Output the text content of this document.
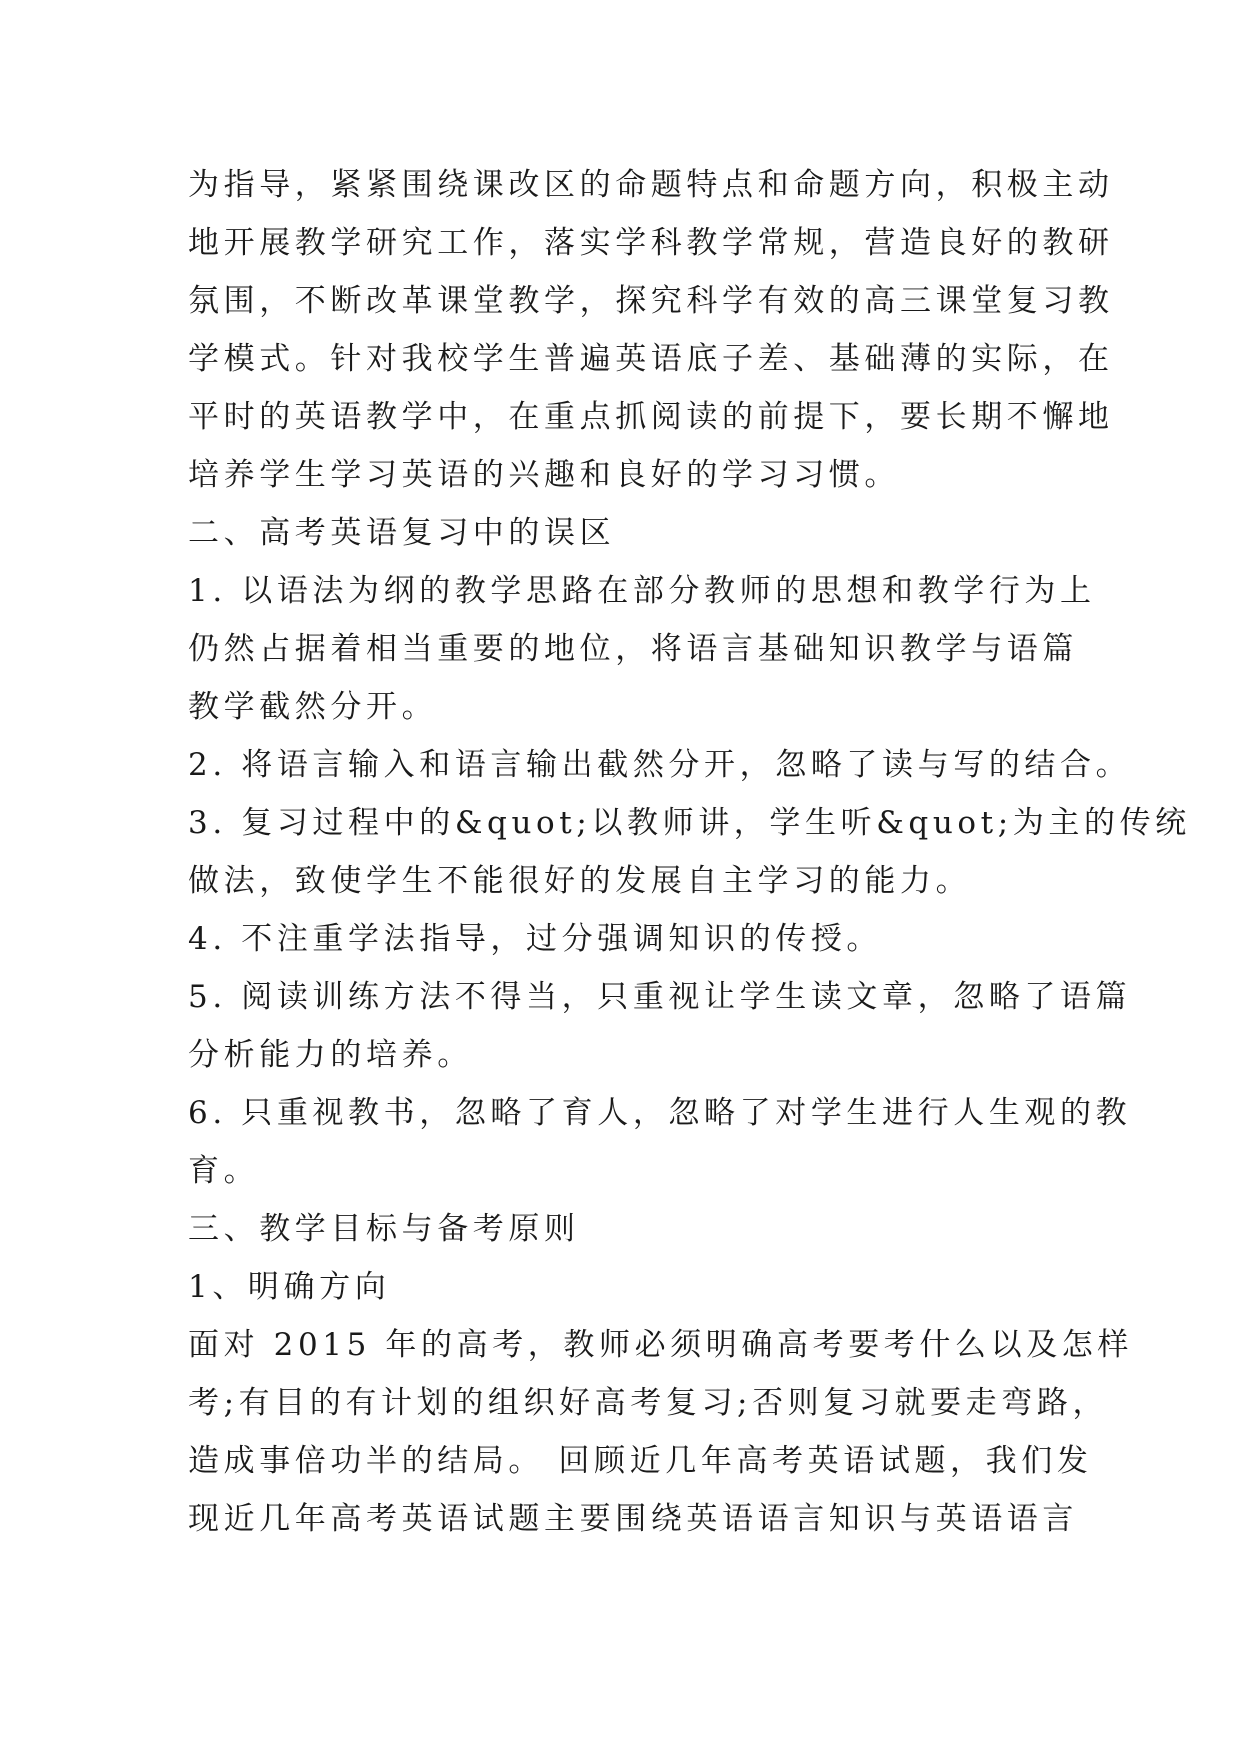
为指导，紧紧围绕课改区的命题特点和命题方向，积极主动
地开展教学研究工作，落实学科教学常规，营造良好的教研
氛围，不断改革课堂教学，探究科学有效的高三课堂复习教
学模式。针对我校学生普遍英语底子差、基础薄的实际，在
平时的英语教学中，在重点抓阅读的前提下，要长期不懈地
培养学生学习英语的兴趣和良好的学习习惯。
二、高考英语复习中的误区
1. 以语法为纲的教学思路在部分教师的思想和教学行为上
仍然占据着相当重要的地位，将语言基础知识教学与语篇
教学截然分开。
2. 将语言输入和语言输出截然分开，忽略了读与写的结合。
3. 复习过程中的&quot;以教师讲，学生听&quot;为主的传统
做法，致使学生不能很好的发展自主学习的能力。
4. 不注重学法指导，过分强调知识的传授。
5. 阅读训练方法不得当，只重视让学生读文章，忽略了语篇
分析能力的培养。
6. 只重视教书，忽略了育人，忽略了对学生进行人生观的教
育。
三、教学目标与备考原则
1、明确方向
面对 2015 年的高考，教师必须明确高考要考什么以及怎样
考;有目的有计划的组织好高考复习;否则复习就要走弯路，
造成事倍功半的结局。 回顾近几年高考英语试题，我们发
现近几年高考英语试题主要围绕英语语言知识与英语语言
